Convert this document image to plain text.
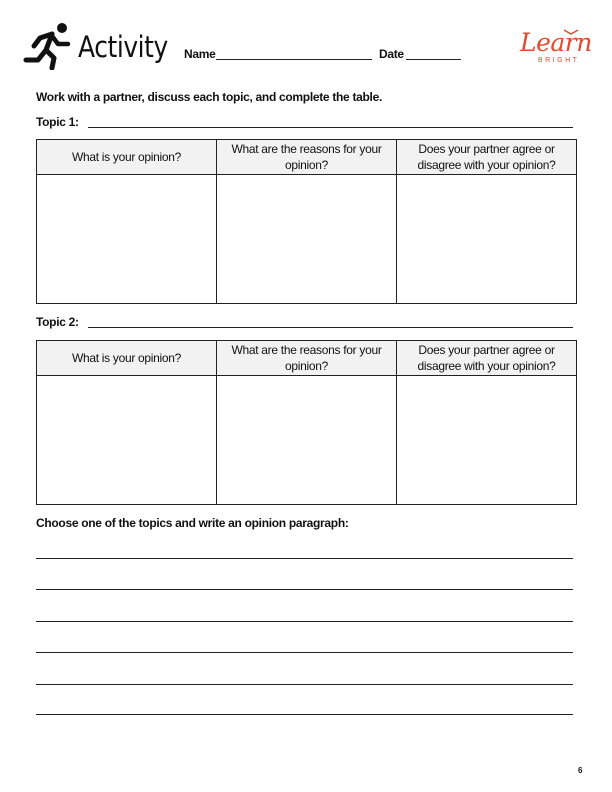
Activity Name	Date	Learn
BRIGHT
Work with a partner, discuss each topic, and complete the table.
Topic 1:
What is your opinion?	What are the reasons for your opinion?	Does your partner agree or disagree with your opinion?

Topic 2:
What is your opinion?	What are the reasons for your opinion?	Does your partner agree or disagree with your opinion?

Choose one of the topics and write an opinion paragraph:
6
